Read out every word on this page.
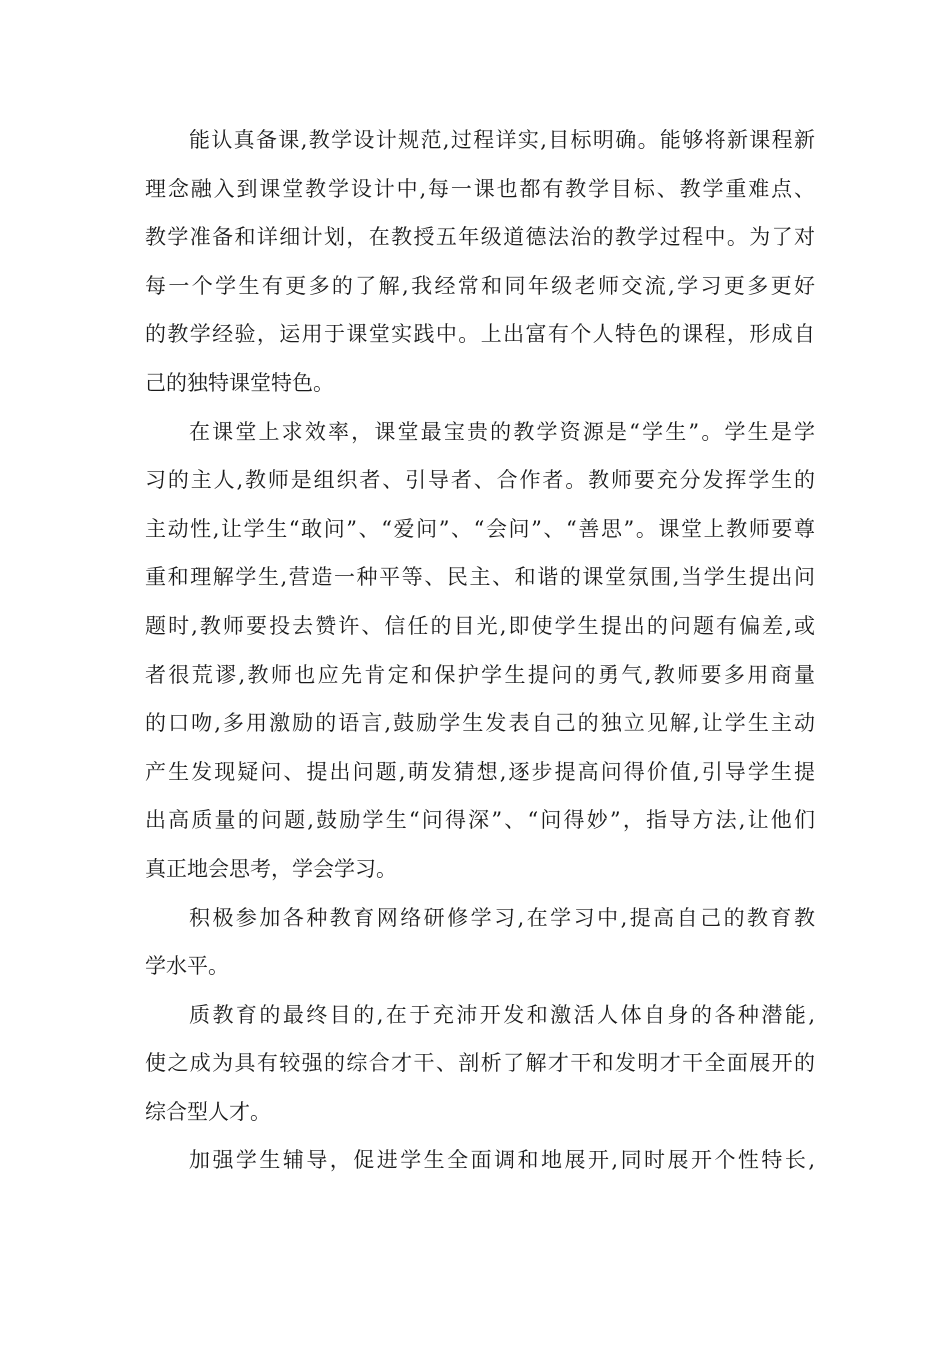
能认真备课,教学设计规范,过程详实,目标明确。能够将新课程新
理念融入到课堂教学设计中,每一课也都有教学目标、教学重难点、
教学准备和详细计划，在教授五年级道德法治的教学过程中。为了对
每一个学生有更多的了解,我经常和同年级老师交流,学习更多更好
的教学经验，运用于课堂实践中。上出富有个人特色的课程，形成自
己的独特课堂特色。
在课堂上求效率，课堂最宝贵的教学资源是“学生”。学生是学
习的主人,教师是组织者、引导者、合作者。教师要充分发挥学生的
主动性,让学生“敢问”、“爱问”、“会问”、“善思”。课堂上教师要尊
重和理解学生,营造一种平等、民主、和谐的课堂氛围,当学生提出问
题时,教师要投去赞许、信任的目光,即使学生提出的问题有偏差,或
者很荒谬,教师也应先肯定和保护学生提问的勇气,教师要多用商量
的口吻,多用激励的语言,鼓励学生发表自己的独立见解,让学生主动
产生发现疑问、提出问题,萌发猜想,逐步提高问得价值,引导学生提
出高质量的问题,鼓励学生“问得深”、“问得妙”，指导方法,让他们
真正地会思考，学会学习。
积极参加各种教育网络研修学习,在学习中,提高自己的教育教
学水平。
质教育的最终目的,在于充沛开发和激活人体自身的各种潜能,
使之成为具有较强的综合才干、剖析了解才干和发明才干全面展开的
综合型人才。
加强学生辅导，促进学生全面调和地展开,同时展开个性特长,
